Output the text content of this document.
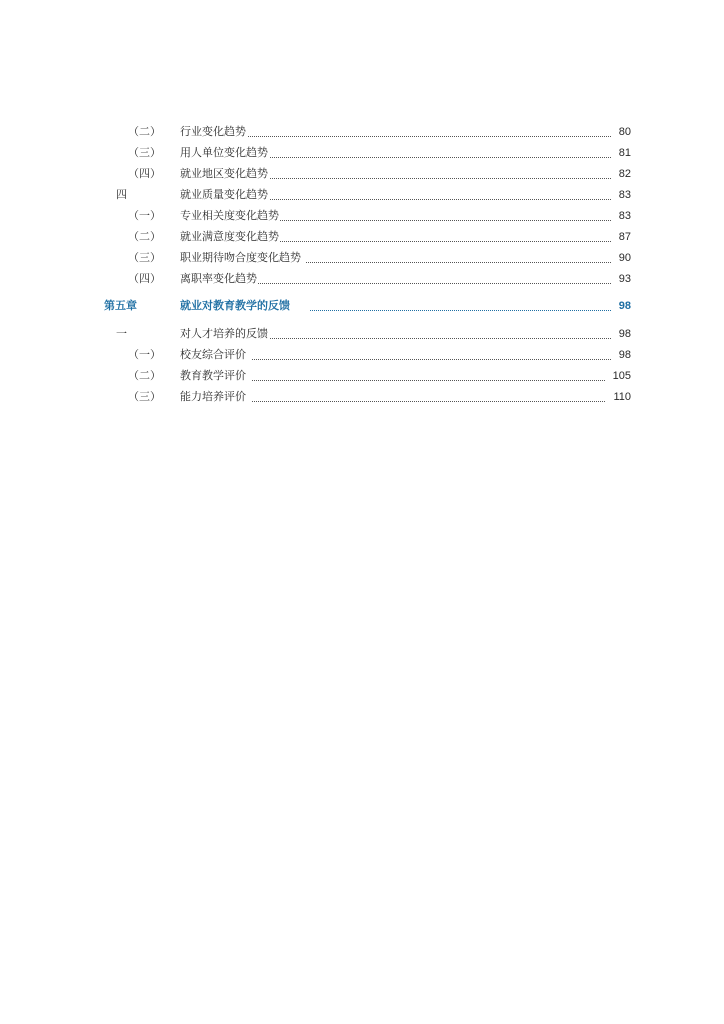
（二） 行业变化趋势	80
（三） 用人单位变化趋势	81
（四） 就业地区变化趋势	82
四	就业质量变化趋势	83
（一） 专业相关度变化趋势	83
（二） 就业满意度变化趋势	87
（三） 职业期待吻合度变化趋势	90
（四） 离职率变化趋势	93
第五章	就业对教育教学的反馈	98
一	对人才培养的反馈	98
（一） 校友综合评价	98
（二） 教育教学评价	105
（三） 能力培养评价	110
